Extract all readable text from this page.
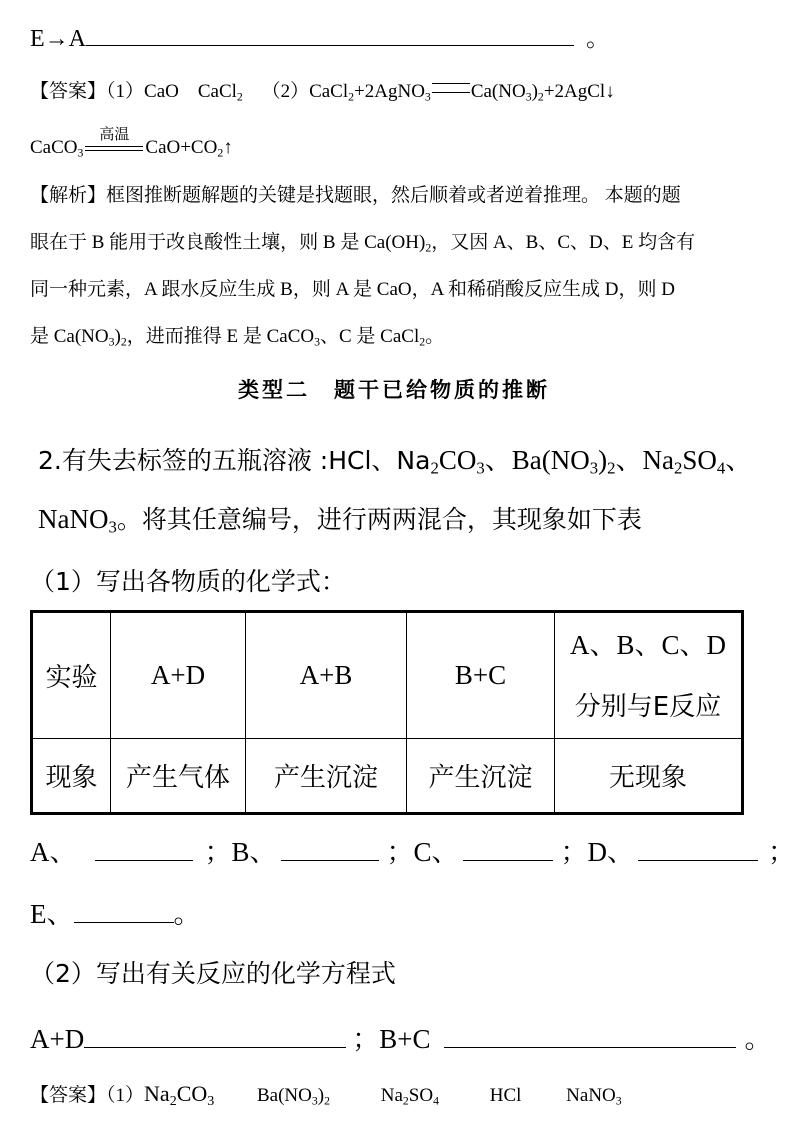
E→A	。
【答案】（1）CaO　CaCl2 （2）CaCl2+2AgNO3 Ca(NO3)2+2AgCl↓
CaCO3
高温
CaO+CO2↑
【解析】框图推断题解题的关键是找题眼，然后顺着或者逆着推理。 本题的题
眼在于 B 能用于改良酸性土壤，则 B 是 Ca(OH)2，又因 A、B、C、D、E 均含有
同一种元素，A 跟水反应生成 B，则 A 是 CaO，A 和稀硝酸反应生成 D，则 D
是 Ca(NO3)2，进而推得 E 是 CaCO3、C 是 CaCl2。
类型二　题干已给物质的推断
2.有失去标签的五瓶溶液 :HCl、Na2CO3、Ba(NO3)2、Na2SO4、
NaNO3。将其任意编号，进行两两混合，其现象如下表
（1）写出各物质的化学式：
实验	A+D	A+B	B+C	A、B、C、D
分别与E反应

现象	产生气体	产生沉淀	产生沉淀	无现象
A、	；B、	；C、	；D、	；
E、	。
（2）写出有关反应的化学方程式
A+D	；B+C	。
【答案】$(1)Na_2CO_3$ Ba(NO3)2	Na2SO4	HCl NaNO3
